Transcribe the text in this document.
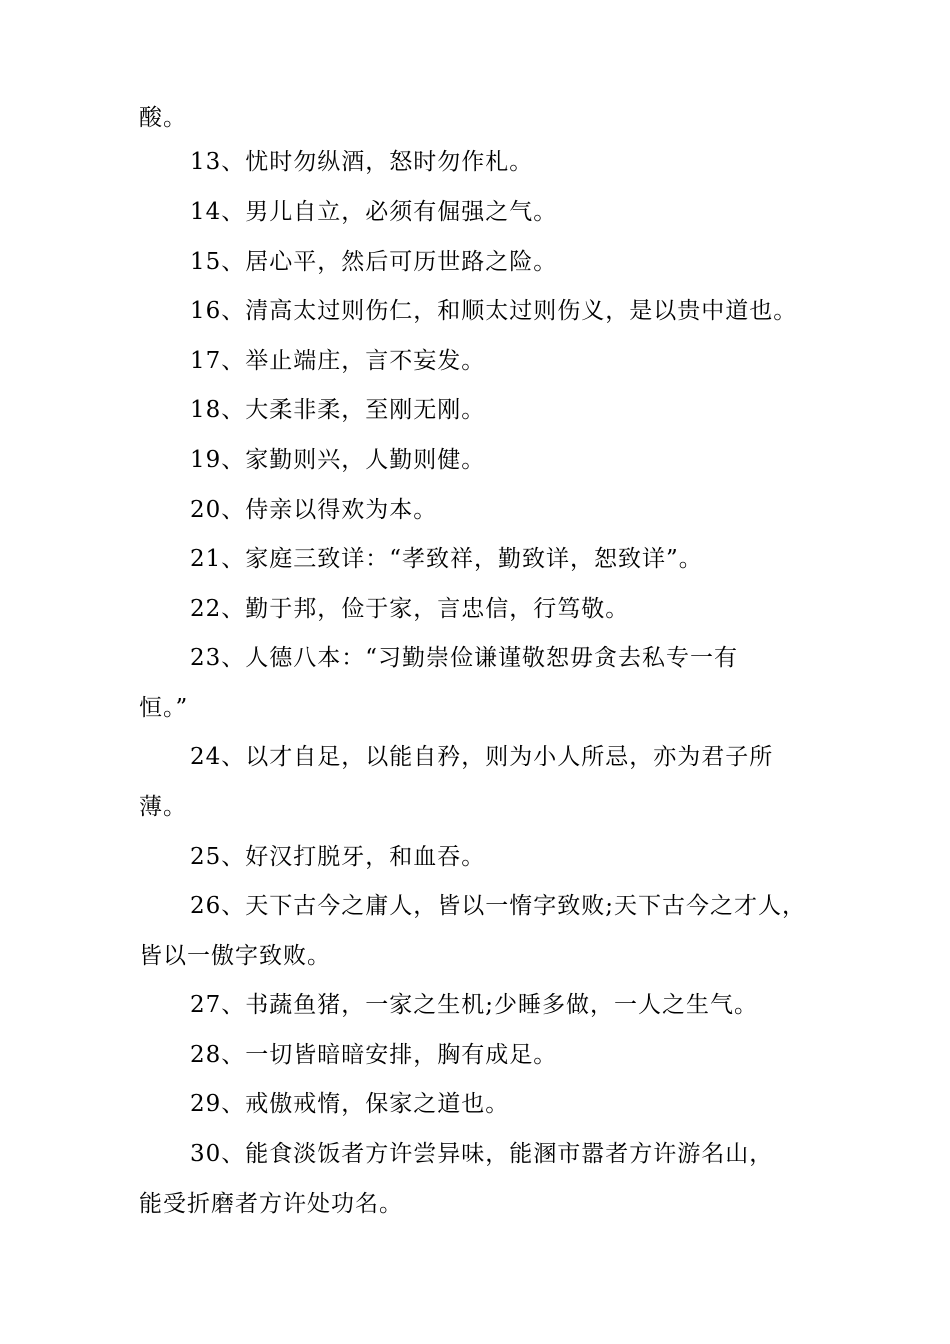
酸。
13、忧时勿纵酒，怒时勿作札。
14、男儿自立，必须有倔强之气。
15、居心平，然后可历世路之险。
16、清高太过则伤仁，和顺太过则伤义，是以贵中道也。
17、举止端庄，言不妄发。
18、大柔非柔，至刚无刚。
19、家勤则兴，人勤则健。
20、侍亲以得欢为本。
21、家庭三致详：“孝致祥，勤致详，恕致详”。
22、勤于邦，俭于家，言忠信，行笃敬。
23、人德八本：“习勤崇俭谦谨敬恕毋贪去私专一有
恒。”
24、以才自足，以能自矜，则为小人所忌，亦为君子所
薄。
25、好汉打脱牙，和血吞。
26、天下古今之庸人，皆以一惰字致败;天下古今之才人，
皆以一傲字致败。
27、书蔬鱼猪，一家之生机;少睡多做，一人之生气。
28、一切皆暗暗安排，胸有成足。
29、戒傲戒惰，保家之道也。
30、能食淡饭者方许尝异味，能溷市嚣者方许游名山，
能受折磨者方许处功名。
